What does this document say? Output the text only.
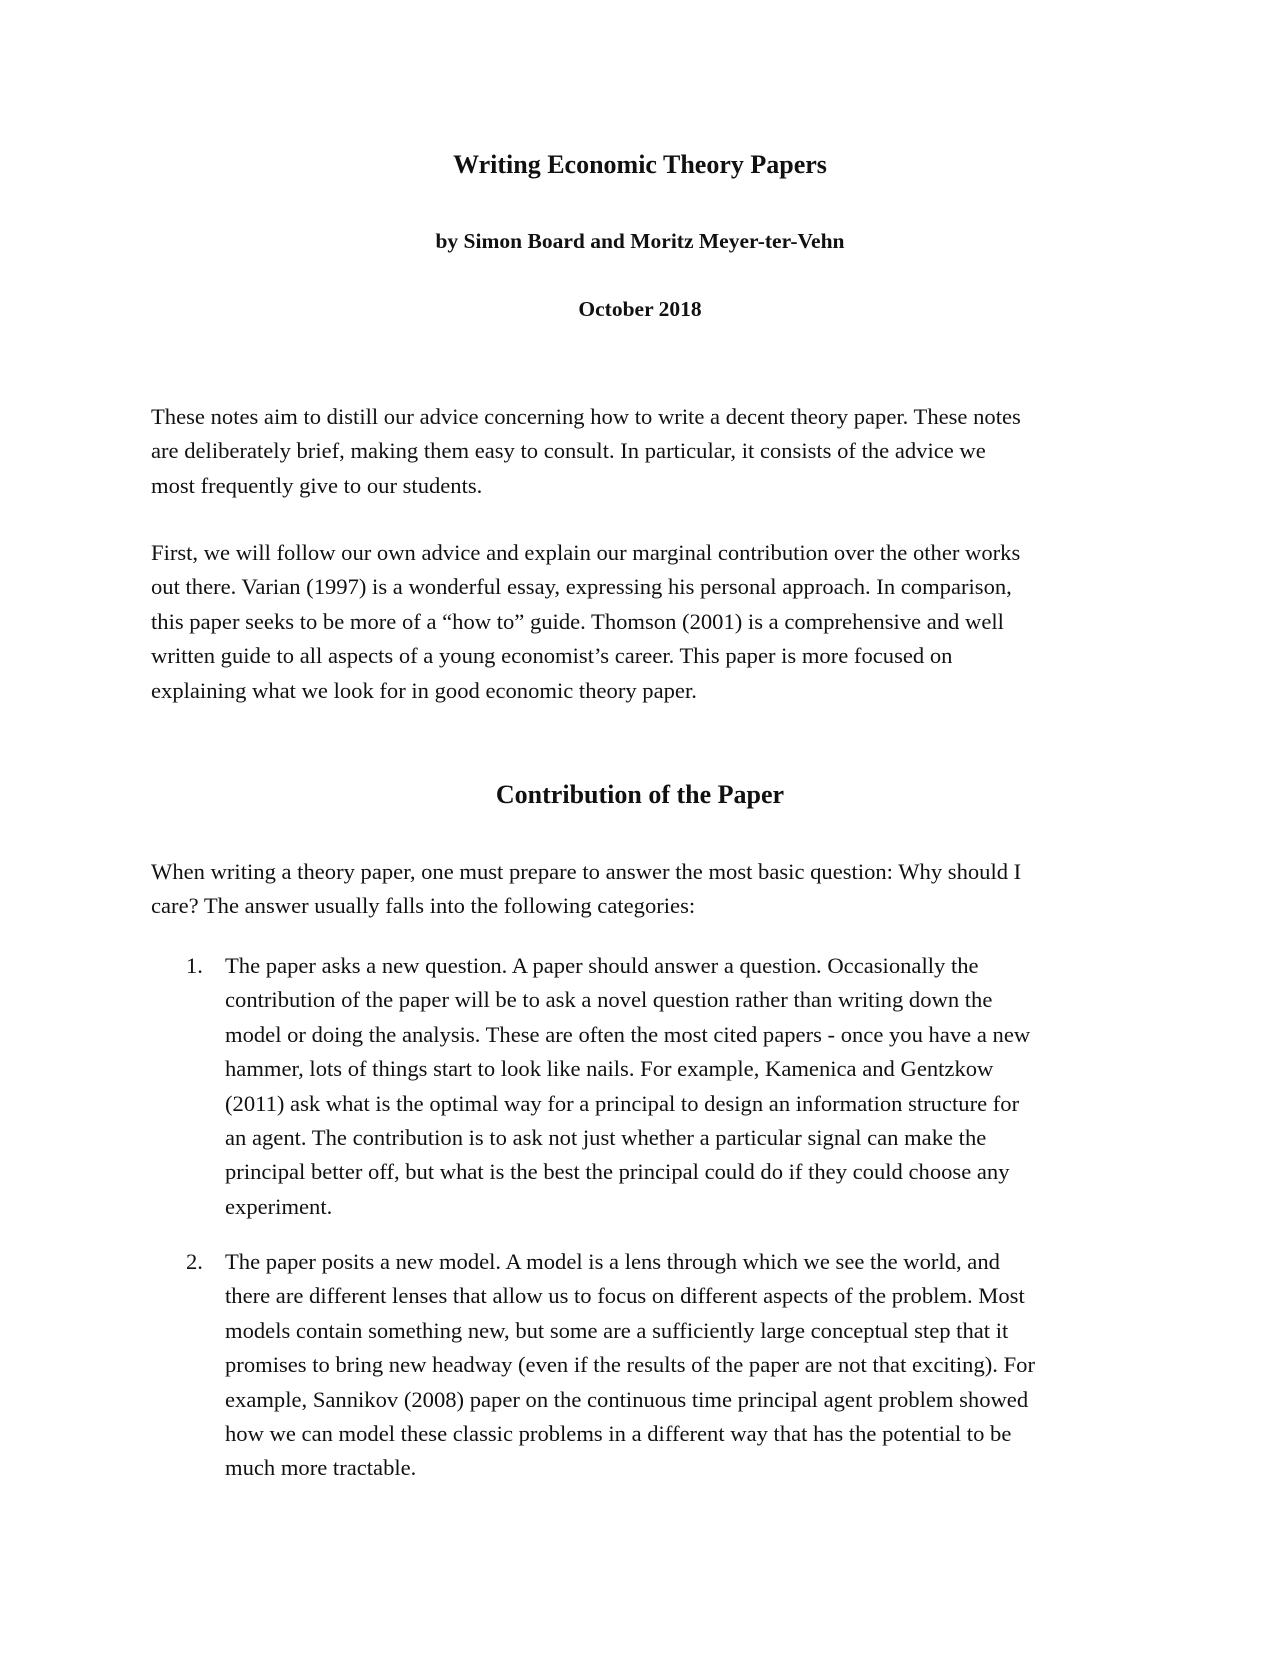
Writing Economic Theory Papers
by Simon Board and Moritz Meyer-ter-Vehn
October 2018

These notes aim to distill our advice concerning how to write a decent theory paper. These notes
are deliberately brief, making them easy to consult. In particular, it consists of the advice we
most frequently give to our students.

First, we will follow our own advice and explain our marginal contribution over the other works
out there. Varian (1997) is a wonderful essay, expressing his personal approach. In comparison,
this paper seeks to be more of a “how to” guide. Thomson (2001) is a comprehensive and well
written guide to all aspects of a young economist’s career. This paper is more focused on
explaining what we look for in good economic theory paper.

Contribution of the Paper

When writing a theory paper, one must prepare to answer the most basic question: Why should I
care? The answer usually falls into the following categories:

1. The paper asks a new question. A paper should answer a question. Occasionally the
contribution of the paper will be to ask a novel question rather than writing down the
model or doing the analysis. These are often the most cited papers - once you have a new
hammer, lots of things start to look like nails. For example, Kamenica and Gentzkow
(2011) ask what is the optimal way for a principal to design an information structure for
an agent. The contribution is to ask not just whether a particular signal can make the
principal better off, but what is the best the principal could do if they could choose any
experiment.
2. The paper posits a new model. A model is a lens through which we see the world, and
there are different lenses that allow us to focus on different aspects of the problem. Most
models contain something new, but some are a sufficiently large conceptual step that it
promises to bring new headway (even if the results of the paper are not that exciting). For
example, Sannikov (2008) paper on the continuous time principal agent problem showed
how we can model these classic problems in a different way that has the potential to be
much more tractable.
